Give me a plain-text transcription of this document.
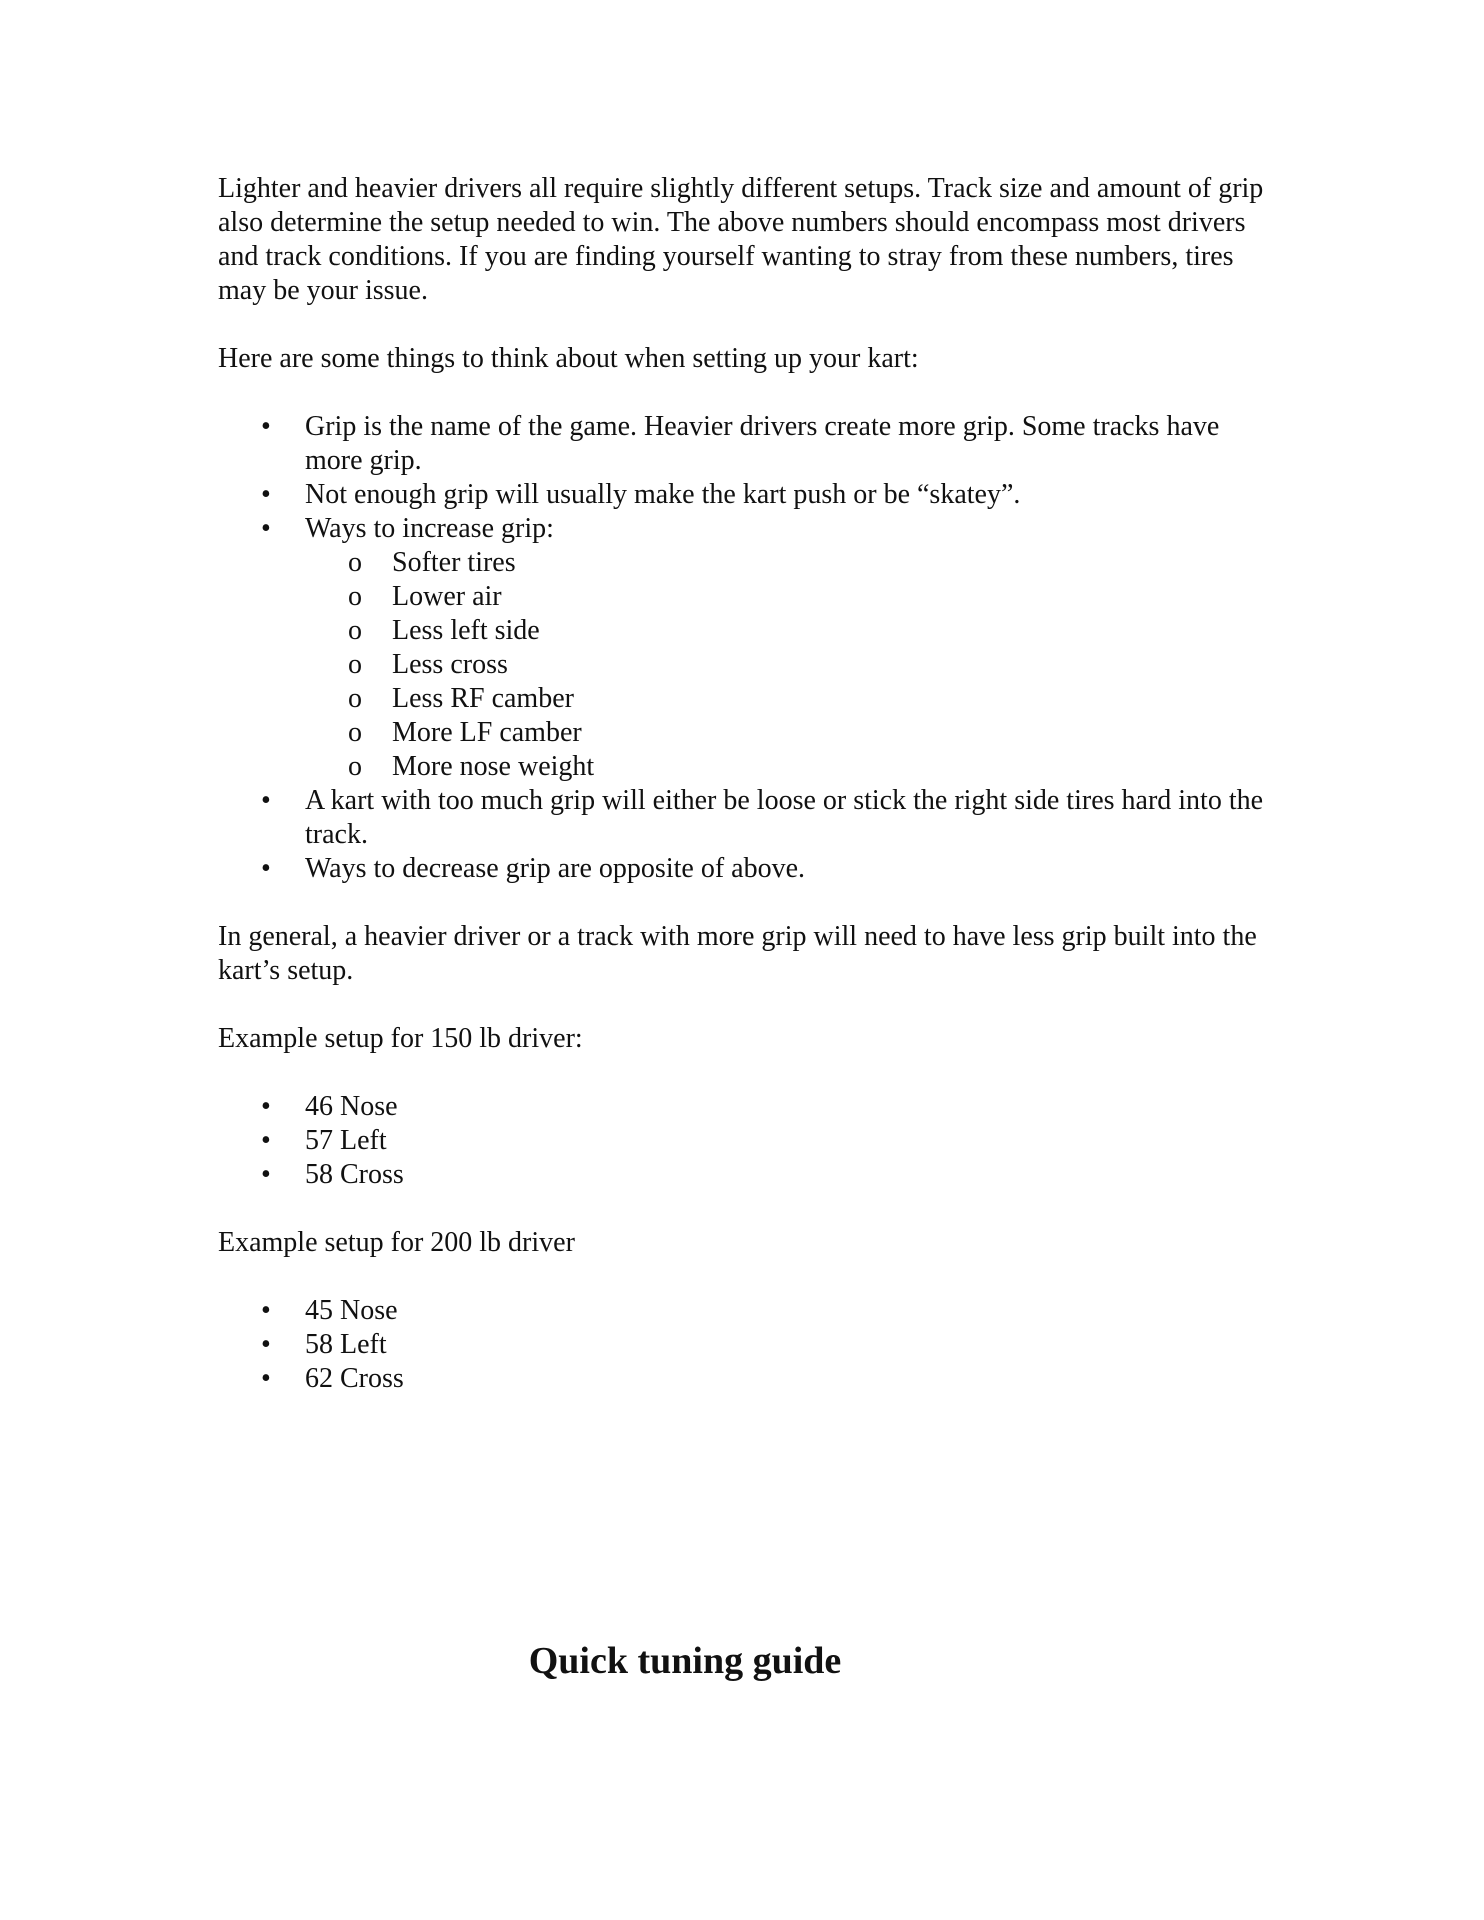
Lighter and heavier drivers all require slightly different setups. Track size and amount of grip also determine the setup needed to win. The above numbers should encompass most drivers and track conditions. If you are finding yourself wanting to stray from these numbers, tires may be your issue.

Here are some things to think about when setting up your kart:

• Grip is the name of the game. Heavier drivers create more grip. Some tracks have more grip.
• Not enough grip will usually make the kart push or be “skatey”.
• Ways to increase grip:
o Softer tires
o Lower air
o Less left side
o Less cross
o Less RF camber
o More LF camber
o More nose weight
• A kart with too much grip will either be loose or stick the right side tires hard into the track.
• Ways to decrease grip are opposite of above.

In general, a heavier driver or a track with more grip will need to have less grip built into the kart’s setup.

Example setup for 150 lb driver:

• 46 Nose
• 57 Left
• 58 Cross

Example setup for 200 lb driver

• 45 Nose
• 58 Left
• 62 Cross
Quick tuning guide
